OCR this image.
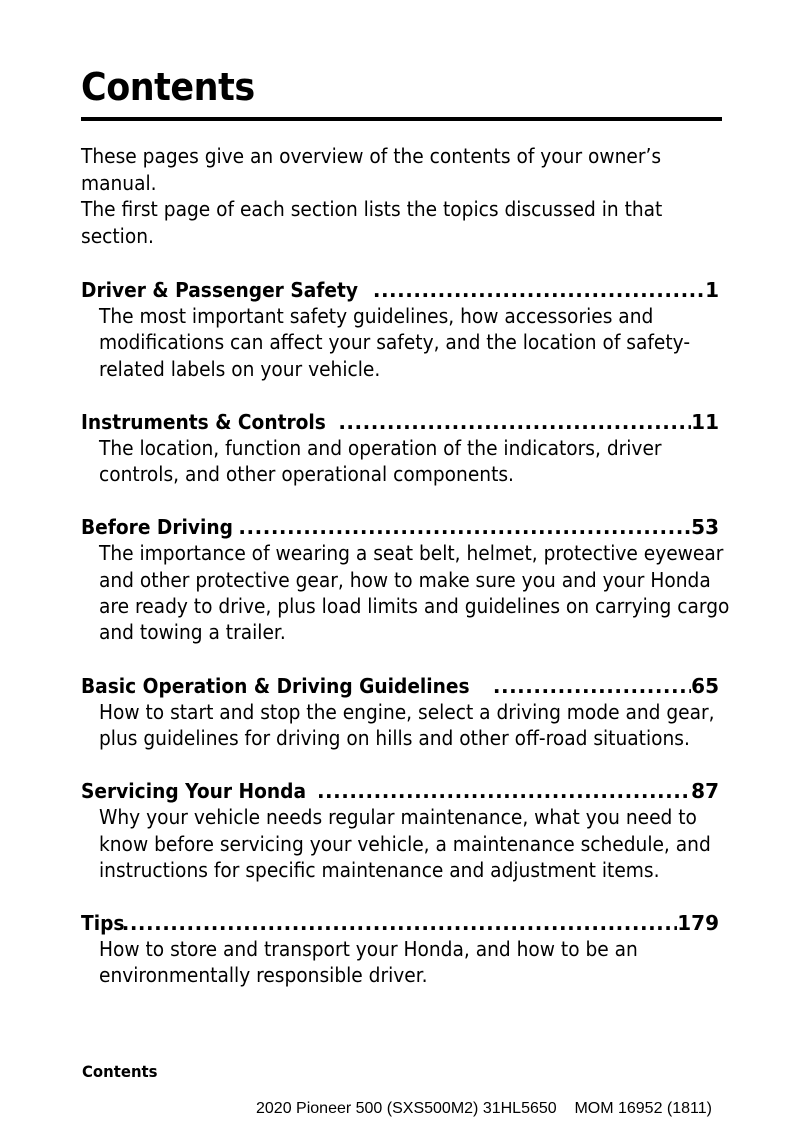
Contents

These pages give an overview of the contents of your owner’s

manual.

The first page of each section lists the topics discussed in that

section.

Driver & Passenger Safety .....	1
The most important safety guidelines, how accessories and
modifications can affect your safety, and the location of safety-
related labels on your vehicle.
Instruments & Controls .....	11
The location, function and operation of the indicators, driver
controls, and other operational components.
Before Driving .....	53
The importance of wearing a seat belt, helmet, protective eyewear
and other protective gear, how to make sure you and your Honda
are ready to drive, plus load limits and guidelines on carrying cargo
and towing a trailer.
Basic Operation & Driving Guidelines .....	65
How to start and stop the engine, select a driving mode and gear,
plus guidelines for driving on hills and other off-road situations.
Servicing Your Honda .....	87
Why your vehicle needs regular maintenance, what you need to
know before servicing your vehicle, a maintenance schedule, and
instructions for specific maintenance and adjustment items.
Tips .....	179
How to store and transport your Honda, and how to be an
environmentally responsible driver.
Contents
2020 Pioneer 500 (SXS500M2) 31HL5650    MOM 16952 (1811)
